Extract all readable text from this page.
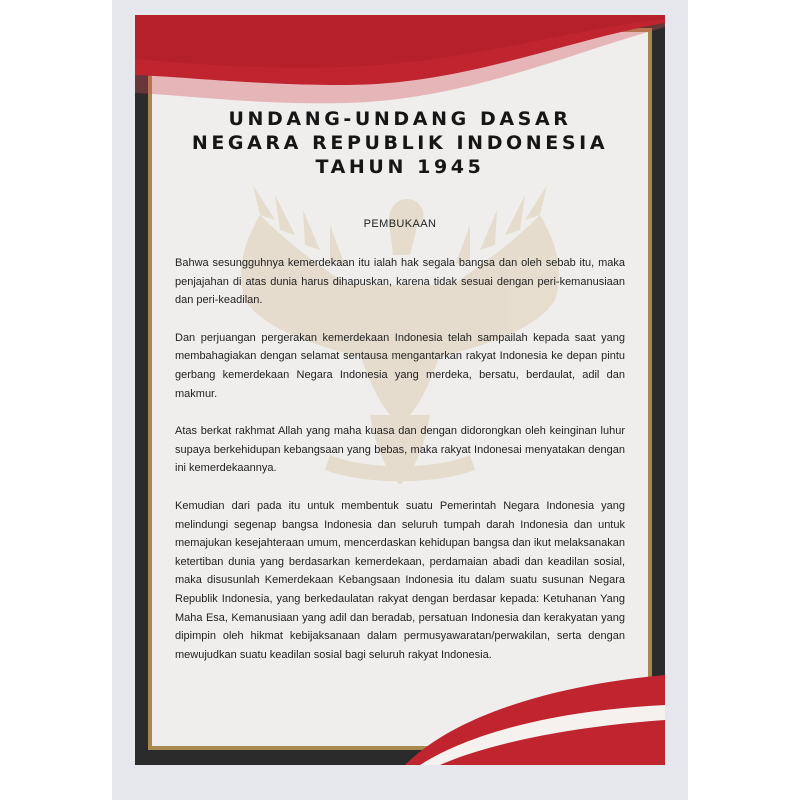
UNDANG-UNDANG DASAR
NEGARA REPUBLIK INDONESIA
TAHUN 1945
PEMBUKAAN

Bahwa sesungguhnya kemerdekaan itu ialah hak segala bangsa dan oleh sebab itu, maka penjajahan di atas dunia harus dihapuskan, karena tidak sesuai dengan peri-kemanusiaan dan peri-keadilan.

Dan perjuangan pergerakan kemerdekaan Indonesia telah sampailah kepada saat yang membahagiakan dengan selamat sentausa mengantarkan rakyat Indonesia ke depan pintu gerbang kemerdekaan Negara Indonesia yang merdeka, bersatu, berdaulat, adil dan makmur.

Atas berkat rakhmat Allah yang maha kuasa dan dengan didorongkan oleh keinginan luhur supaya berkehidupan kebangsaan yang bebas, maka rakyat Indonesai menyatakan dengan ini kemerdekaannya.

Kemudian dari pada itu untuk membentuk suatu Pemerintah Negara Indonesia yang melindungi segenap bangsa Indonesia dan seluruh tumpah darah Indonesia dan untuk memajukan kesejahteraan umum, mencerdaskan kehidupan bangsa dan ikut melaksanakan ketertiban dunia yang berdasarkan kemerdekaan, perdamaian abadi dan keadilan sosial, maka disusunlah Kemerdekaan Kebangsaan Indonesia itu dalam suatu susunan Negara Republik Indonesia, yang berkedaulatan rakyat dengan berdasar kepada: Ketuhanan Yang Maha Esa, Kemanusiaan yang adil dan beradab, persatuan Indonesia dan kerakyatan yang dipimpin oleh hikmat kebijaksanaan dalam permusyawaratan/perwakilan, serta dengan mewujudkan suatu keadilan sosial bagi seluruh rakyat Indonesia.
